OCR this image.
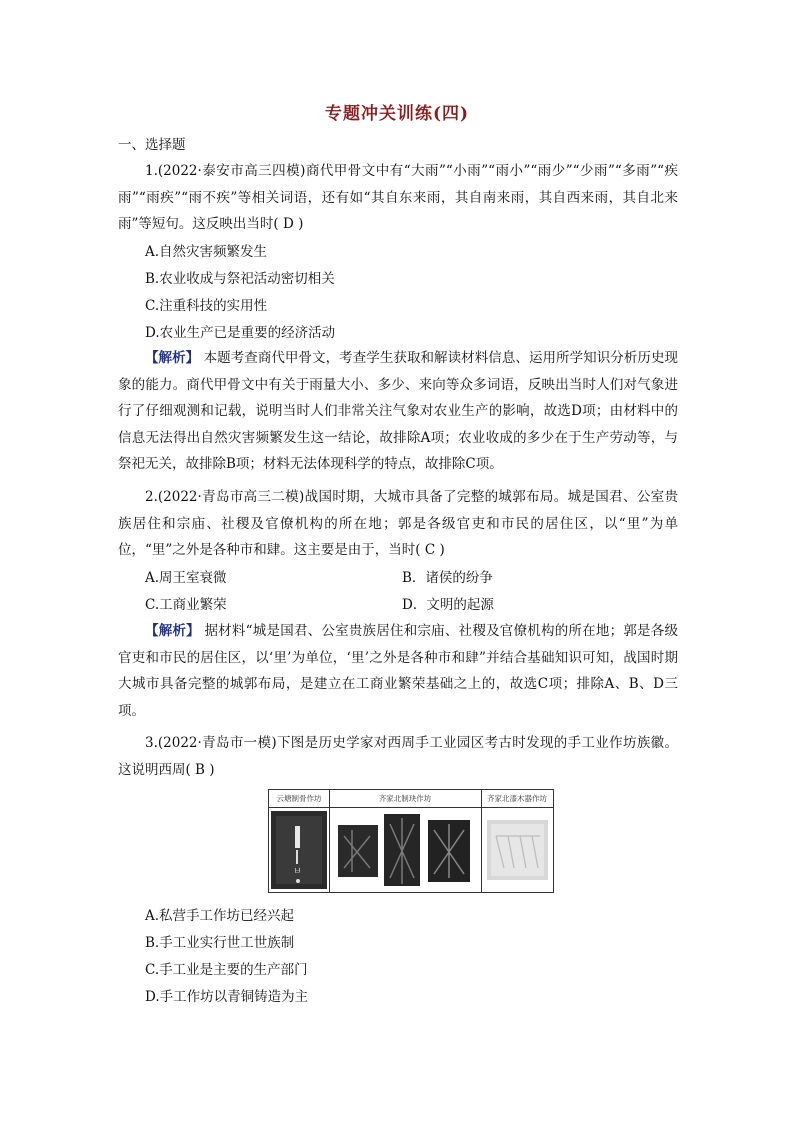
专题冲关训练(四)
一、选择题
1.(2022·泰安市高三四模)商代甲骨文中有“大雨”“小雨”“雨小”“雨少”“少雨”“多雨”“疾雨”“雨疾”“雨不疾”等相关词语，还有如“其自东来雨，其自南来雨，其自西来雨，其自北来雨”等短句。这反映出当时( D )
A.自然灾害频繁发生
B.农业收成与祭祀活动密切相关
C.注重科技的实用性
D.农业生产已是重要的经济活动
【解析】 本题考查商代甲骨文，考查学生获取和解读材料信息、运用所学知识分析历史现象的能力。商代甲骨文中有关于雨量大小、多少、来向等众多词语，反映出当时人们对气象进行了仔细观测和记载，说明当时人们非常关注气象对农业生产的影响，故选D项；由材料中的信息无法得出自然灾害频繁发生这一结论，故排除A项；农业收成的多少在于生产劳动等，与祭祀无关，故排除B项；材料无法体现科学的特点，故排除C项。
2.(2022·青岛市高三二模)战国时期，大城市具备了完整的城郭布局。城是国君、公室贵族居住和宗庙、社稷及官僚机构的所在地；郭是各级官吏和市民的居住区，以“里”为单位，“里”之外是各种市和肆。这主要是由于，当时( C )
A.周王室衰微	B．诸侯的纷争
C.工商业繁荣	D．文明的起源
【解析】 据材料“城是国君、公室贵族居住和宗庙、社稷及官僚机构的所在地；郭是各级官吏和市民的居住区，以‘里’为单位，‘里’之外是各种市和肆”并结合基础知识可知，战国时期大城市具备完整的城郭布局，是建立在工商业繁荣基础之上的，故选C项；排除A、B、D三项。
3.(2022·青岛市一模)下图是历史学家对西周手工业园区考古时发现的手工业作坊族徽。这说明西周( B )
云塘制骨作坊	齐家北制玦作坊	齐家北漆木器作坊
ㅂ
A.私营手工作坊已经兴起
B.手工业实行世工世族制
C.手工业是主要的生产部门
D.手工作坊以青铜铸造为主
